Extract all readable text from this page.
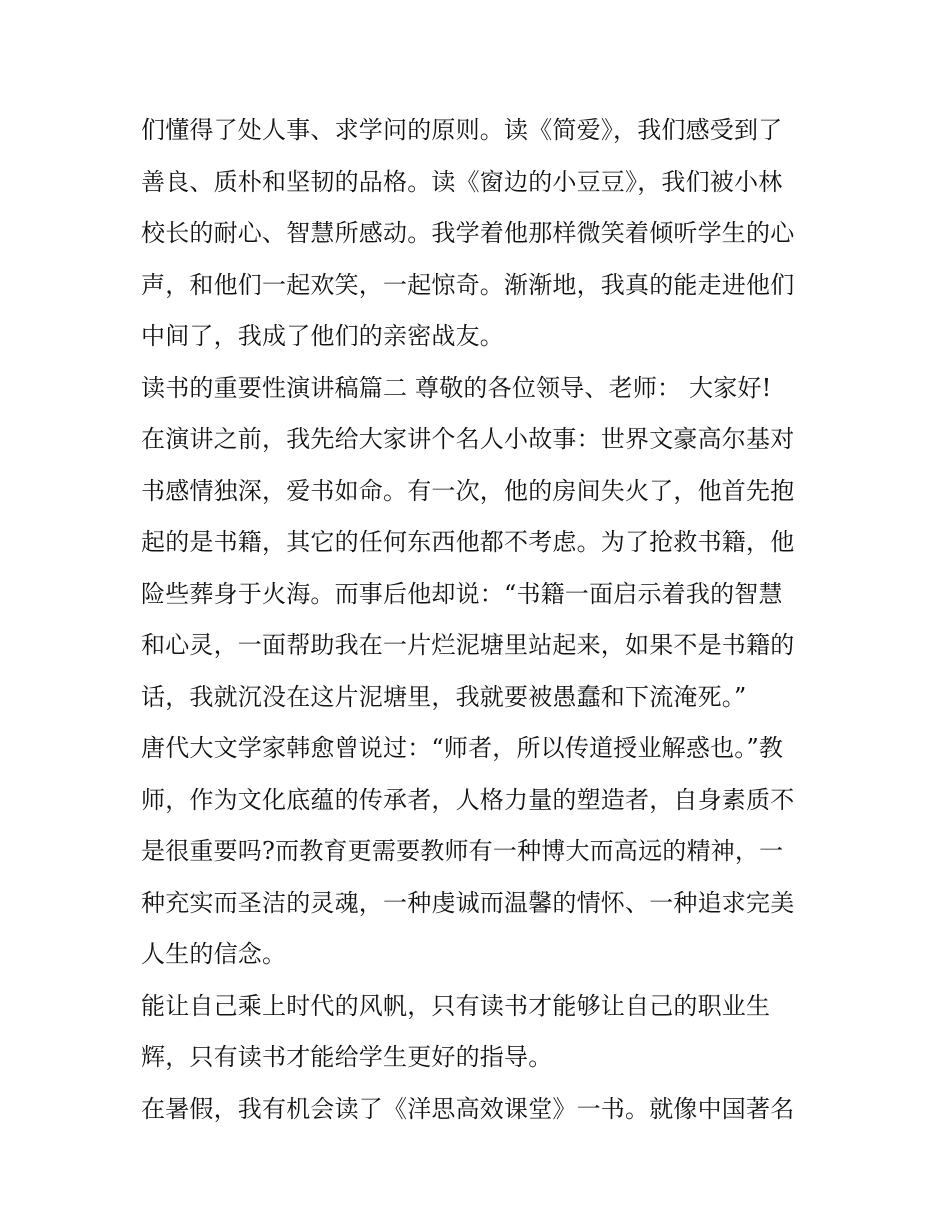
们懂得了处人事、求学问的原则。读《简爱》，我们感受到了
善良、质朴和坚韧的品格。读《窗边的小豆豆》，我们被小林
校长的耐心、智慧所感动。我学着他那样微笑着倾听学生的心
声，和他们一起欢笑，一起惊奇。渐渐地，我真的能走进他们
中间了，我成了他们的亲密战友。
读书的重要性演讲稿篇二 尊敬的各位领导、老师： 大家好!
在演讲之前，我先给大家讲个名人小故事：世界文豪高尔基对
书感情独深，爱书如命。有一次，他的房间失火了，他首先抱
起的是书籍，其它的任何东西他都不考虑。为了抢救书籍，他
险些葬身于火海。而事后他却说：“书籍一面启示着我的智慧
和心灵，一面帮助我在一片烂泥塘里站起来，如果不是书籍的
话，我就沉没在这片泥塘里，我就要被愚蠢和下流淹死。”
唐代大文学家韩愈曾说过：“师者，所以传道授业解惑也。”教
师，作为文化底蕴的传承者，人格力量的塑造者，自身素质不
是很重要吗?而教育更需要教师有一种博大而高远的精神，一
种充实而圣洁的灵魂，一种虔诚而温馨的情怀、一种追求完美
人生的信念。
能让自己乘上时代的风帆，只有读书才能够让自己的职业生
辉，只有读书才能给学生更好的指导。
在暑假，我有机会读了《洋思高效课堂》一书。就像中国著名
